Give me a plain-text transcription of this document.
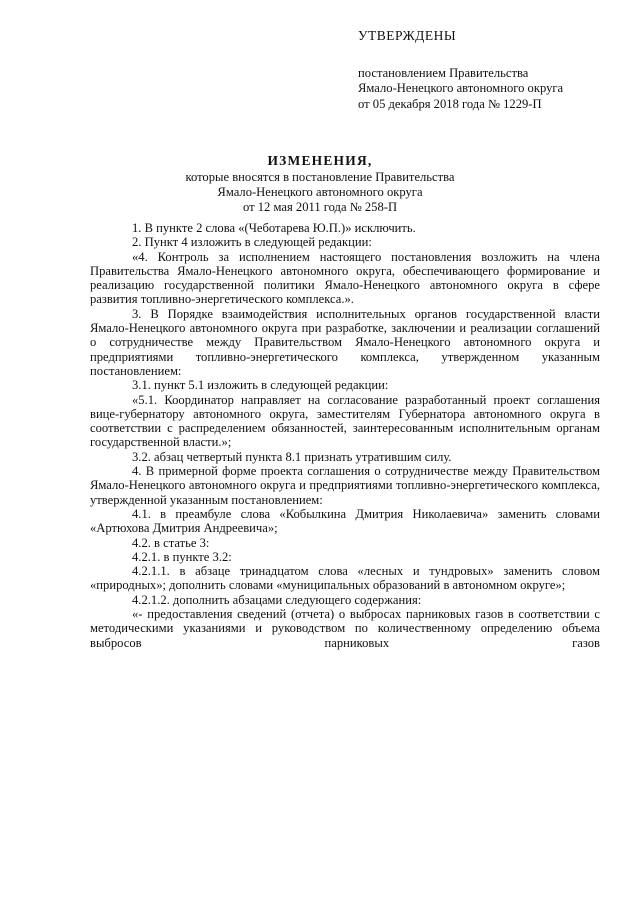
УТВЕРЖДЕНЫ
постановлением Правительства
Ямало-Ненецкого автономного округа
от 05 декабря 2018 года № 1229-П
ИЗМЕНЕНИЯ,
которые вносятся в постановление Правительства
Ямало-Ненецкого автономного округа
от 12 мая 2011 года № 258-П
1. В пункте 2 слова «(Чеботарева Ю.П.)» исключить.
2. Пункт 4 изложить в следующей редакции:
«4. Контроль за исполнением настоящего постановления возложить на члена Правительства Ямало-Ненецкого автономного округа, обеспечивающего формирование и реализацию государственной политики Ямало-Ненецкого автономного округа в сфере развития топливно-энергетического комплекса.».
3. В Порядке взаимодействия исполнительных органов государственной власти Ямало-Ненецкого автономного округа при разработке, заключении и реализации соглашений о сотрудничестве между Правительством Ямало-Ненецкого автономного округа и предприятиями топливно-энергетического комплекса, утвержденном указанным постановлением:
3.1. пункт 5.1 изложить в следующей редакции:
«5.1. Координатор направляет на согласование разработанный проект соглашения вице-губернатору автономного округа, заместителям Губернатора автономного округа в соответствии с распределением обязанностей, заинтересованным исполнительным органам государственной власти.»;
3.2. абзац четвертый пункта 8.1 признать утратившим силу.
4. В примерной форме проекта соглашения о сотрудничестве между Правительством Ямало-Ненецкого автономного округа и предприятиями топливно-энергетического комплекса, утвержденной указанным постановлением:
4.1. в преамбуле слова «Кобылкина Дмитрия Николаевича» заменить словами «Артюхова Дмитрия Андреевича»;
4.2. в статье 3:
4.2.1. в пункте 3.2:
4.2.1.1. в абзаце тринадцатом слова «лесных и тундровых» заменить словом «природных»; дополнить словами «муниципальных образований в автономном округе»;
4.2.1.2. дополнить абзацами следующего содержания:
«- предоставления сведений (отчета) о выбросах парниковых газов в соответствии с методическими указаниями и руководством по количественному определению объема выбросов парниковых газов
